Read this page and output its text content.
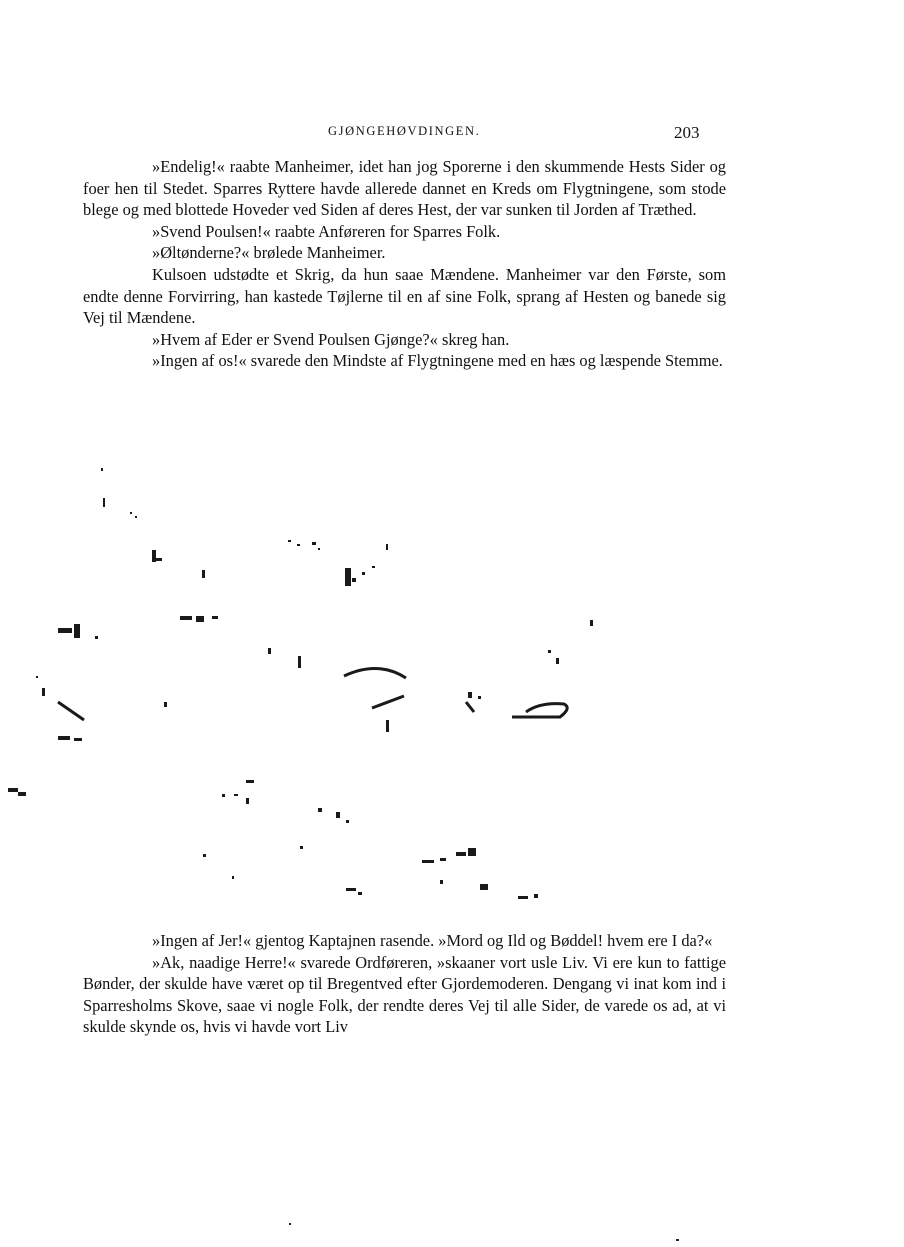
GJØNGEHØVDINGEN.	203

»Endelig!« raabte Manheimer, idet han jog Sporerne i den skummende Hests Sider og foer hen til Stedet. Sparres Ryttere havde allerede dannet en Kreds om Flygtningene, som stode blege og med blottede Hoveder ved Siden af deres Hest, der var sunken til Jorden af Træthed.

»Svend Poulsen!« raabte Anføreren for Sparres Folk.

»Øltønderne?« brølede Manheimer.

Kulsoen udstødte et Skrig, da hun saae Mændene. Manheimer var den Første, som endte denne Forvirring, han kastede Tøjlerne til en af sine Folk, sprang af Hesten og banede sig Vej til Mændene.

»Hvem af Eder er Svend Poulsen Gjønge?« skreg han.

»Ingen af os!« svarede den Mindste af Flygtningene med en hæs og læspende Stemme.

»Ingen af Jer!« gjentog Kaptajnen rasende. »Mord og Ild og Bøddel! hvem ere I da?«

»Ak, naadige Herre!« svarede Ordføreren, »skaaner vort usle Liv. Vi ere kun to fattige Bønder, der skulde have været op til Bregentved efter Gjordemoderen. Dengang vi inat kom ind i Sparresholms Skove, saae vi nogle Folk, der rendte deres Vej til alle Sider, de varede os ad, at vi skulde skynde os, hvis vi havde vort Liv
